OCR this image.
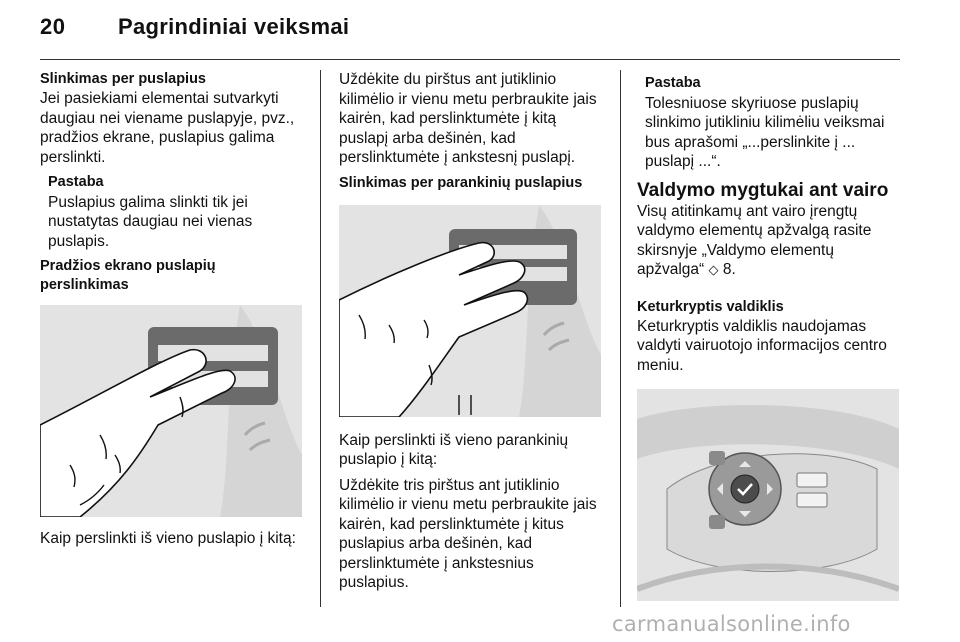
20 Pagrindiniai veiksmai
Slinkimas per puslapius
Jei pasiekiami elementai sutvarkyti daugiau nei viename puslapyje, pvz., pradžios ekrane, puslapius galima perslinkti.
Pastaba
Puslapius galima slinkti tik jei nustatytas daugiau nei vienas puslapis.
Pradžios ekrano puslapių
perslinkimas
Kaip perslinkti iš vieno puslapio į kitą:
Uždėkite du pirštus ant jutiklinio kilimėlio ir vienu metu perbraukite jais kairėn, kad perslinktumėte į kitą puslapį arba dešinėn, kad perslinktumėte į ankstesnį puslapį.
Slinkimas per parankinių puslapius
Kaip perslinkti iš vieno parankinių puslapio į kitą:
Uždėkite tris pirštus ant jutiklinio kilimėlio ir vienu metu perbraukite jais kairėn, kad perslinktumėte į kitus puslapius arba dešinėn, kad perslinktumėte į ankstesnius puslapius.
Pastaba
Tolesniuose skyriuose puslapių slinkimo jutikliniu kilimėliu veiksmai bus aprašomi „...perslinkite į ... puslapį ...“.
Valdymo mygtukai ant vairo
Visų atitinkamų ant vairo įrengtų valdymo elementų apžvalgą rasite skirsnyje „Valdymo elementų apžvalga“ ◇ 8.
Keturkryptis valdiklis
Keturkryptis valdiklis naudojamas valdyti vairuotojo informacijos centro meniu.
carmanualsonline.info
